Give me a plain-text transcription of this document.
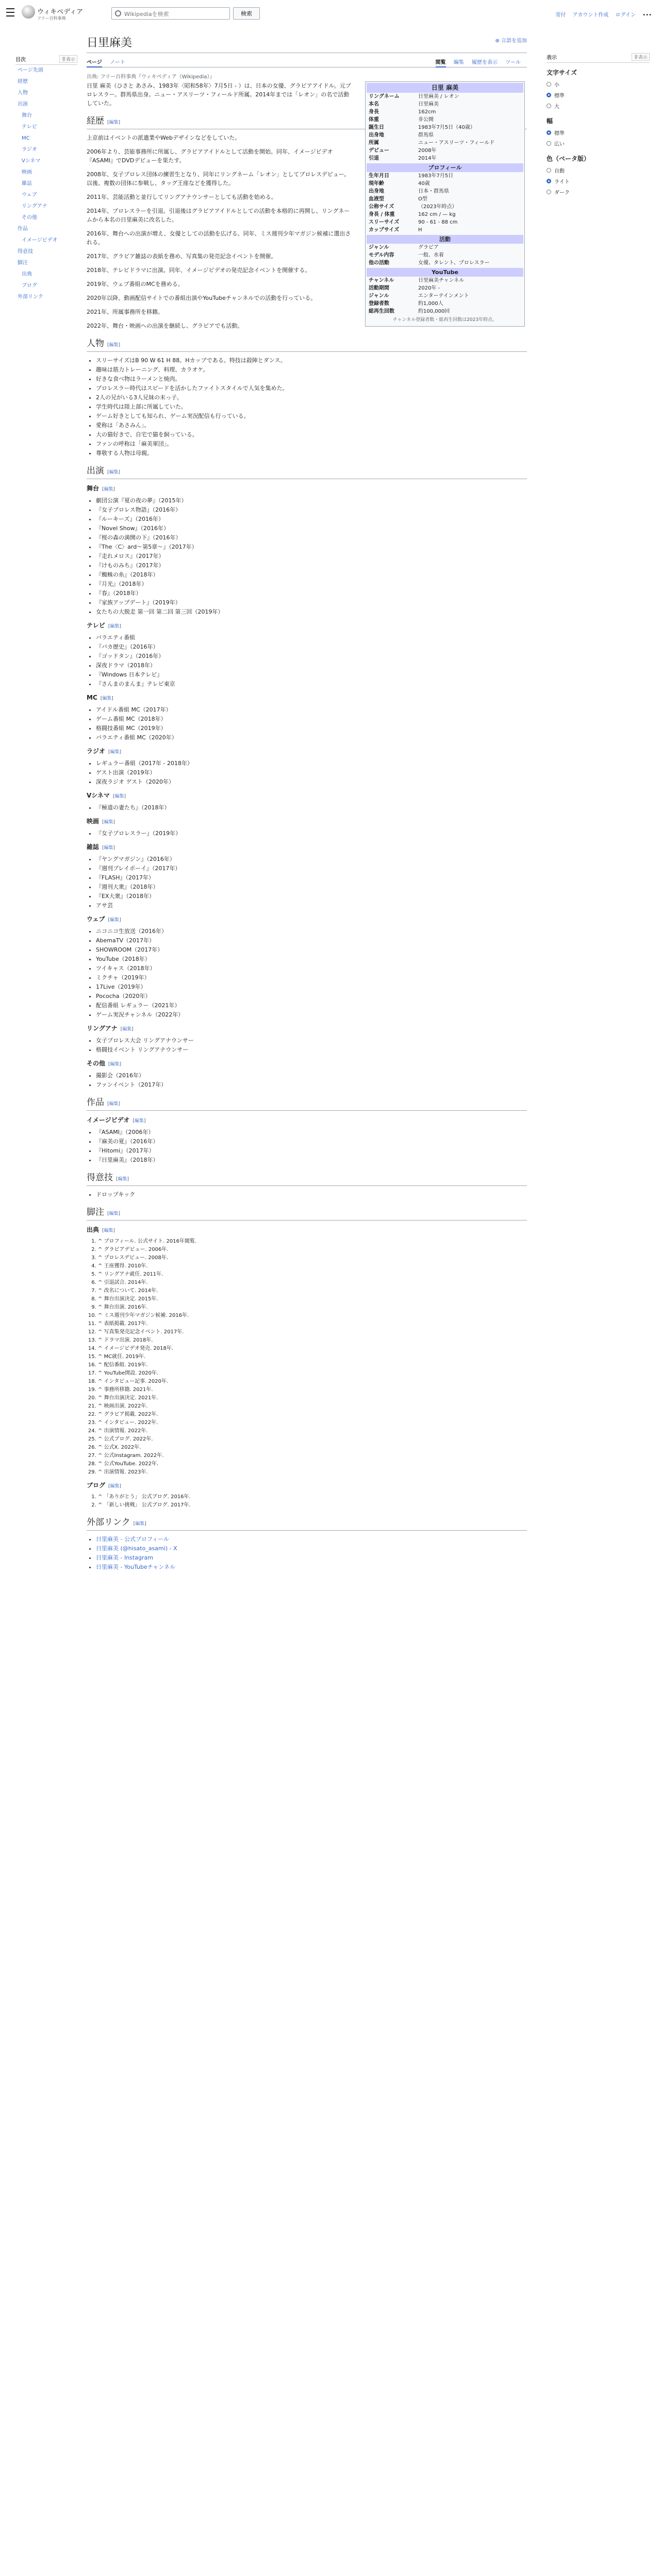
ウィキペディア
フリー百科事典
Wikipediaを検索
検索	寄付 アカウント作成 ログイン •••
目次	非表示
ページ先頭
経歴
人物
出演
舞台
テレビ
MC
ラジオ
Vシネマ
映画
雑誌
ウェブ
リングアナ
その他
作品
イメージビデオ
得意技
脚注
出典
ブログ
外部リンク
日里麻美	⊕ 言語を追加
ページ ノート	閲覧 編集 履歴を表示 ツール
出典: フリー百科事典『ウィキペディア（Wikipedia）』
日里 麻美（ひさと あさみ、1983年〈昭和58年〉7月5日 - ）は、日本の女優、グラビアアイドル。元プロレスラー。群馬県出身。ニュー・アスリーツ・フィールド所属。2014年までは「レオン」の名で活動していた。
経歴 [編集]
上京前はイベントの派遣業やWebデザインなどをしていた。
2006年より、芸能事務所に所属し、グラビアアイドルとして活動を開始。同年、イメージビデオ『ASAMI』でDVDデビューを果たす。
2008年、女子プロレス団体の練習生となり、同年にリングネーム「レオン」としてプロレスデビュー。以後、複数の団体に参戦し、タッグ王座などを獲得した。
2011年、芸能活動と並行してリングアナウンサーとしても活動を始める。
2014年、プロレスラーを引退。引退後はグラビアアイドルとしての活動を本格的に再開し、リングネームから本名の日里麻美に改名した。
2016年、舞台への出演が増え、女優としての活動を広げる。同年、ミス週刊少年マガジン候補に選出される。
2017年、グラビア雑誌の表紙を務め、写真集の発売記念イベントを開催。
2018年、テレビドラマに出演。同年、イメージビデオの発売記念イベントを開催する。
2019年、ウェブ番組のMCを務める。
2020年以降、動画配信サイトでの番組出演やYouTubeチャンネルでの活動を行っている。
2021年、所属事務所を移籍。
2022年、舞台・映画への出演を継続し、グラビアでも活動。
人物 [編集]
• スリーサイズはB 90 W 61 H 88。Hカップである。特技は殺陣とダンス。
• 趣味は筋力トレーニング、料理、カラオケ。
• 好きな食べ物はラーメンと焼肉。
• プロレスラー時代はスピードを活かしたファイトスタイルで人気を集めた。
• 2人の兄がいる3人兄妹の末っ子。
• 学生時代は陸上部に所属していた。
• ゲーム好きとしても知られ、ゲーム実況配信も行っている。
• 愛称は「あさみん」。
• 大の猫好きで、自宅で猫を飼っている。
• ファンの呼称は「麻美軍団」。
• 尊敬する人物は母親。
出演 [編集]
舞台 [編集]
• 劇団公演『夏の夜の夢』（2015年）
• 『女子プロレス物語』（2016年）
• 『ルーキーズ』（2016年）
• 『Novel Show』（2016年）
• 『桜の森の満開の下』（2016年）
• 『The〈C〉ard〜第5章〜』（2017年）
• 『走れメロス』（2017年）
• 『けものみち』（2017年）
• 『蜘蛛の糸』（2018年）
• 『月光』（2018年）
• 『春』（2018年）
• 『家族アップデート』（2019年）
• 女たちの大脱走 第一回 第二回 第三回（2019年）
テレビ [編集]
• バラエティ番組
• 『バカ歴史』（2016年）
• 『ゴッドタン』（2016年）
• 深夜ドラマ（2018年）
• 『Windows 日本テレビ』
• 『さんまのまんま』テレビ東京
MC [編集]
• アイドル番組 MC（2017年）
• ゲーム番組 MC（2018年）
• 格闘技番組 MC（2019年）
• バラエティ番組 MC（2020年）
ラジオ [編集]
• レギュラー番組（2017年 - 2018年）
• ゲスト出演（2019年）
• 深夜ラジオ ゲスト（2020年）
Vシネマ [編集]
• 『極道の妻たち』（2018年）
映画 [編集]
• 『女子プロレスラー』（2019年）
雑誌 [編集]
• 『ヤングマガジン』（2016年）
• 『週刊プレイボーイ』（2017年）
• 『FLASH』（2017年）
• 『週刊大衆』（2018年）
• 『EX大衆』（2018年）
• アサ芸
ウェブ [編集]
• ニコニコ生放送（2016年）
• AbemaTV（2017年）
• SHOWROOM（2017年）
• YouTube（2018年）
• ツイキャス（2018年）
• ミクチャ（2019年）
• 17Live（2019年）
• Pococha（2020年）
• 配信番組 レギュラー（2021年）
• ゲーム実況チャンネル（2022年）
リングアナ [編集]
• 女子プロレス大会 リングアナウンサー
• 格闘技イベント リングアナウンサー
その他 [編集]
• 撮影会（2016年）
• ファンイベント（2017年）
作品 [編集]
イメージビデオ [編集]
• 『ASAMI』（2006年）
• 『麻美の夏』（2016年）
• 『Hitomi』（2017年）
• 『日里麻美』（2018年）
得意技 [編集]
• ドロップキック
脚注 [編集]
出典 [編集]
1. ^ プロフィール. 公式サイト. 2016年閲覧.
2. ^ グラビアデビュー. 2006年.
3. ^ プロレスデビュー. 2008年.
4. ^ 王座獲得. 2010年.
5. ^ リングアナ就任. 2011年.
6. ^ 引退試合. 2014年.
7. ^ 改名について. 2014年.
8. ^ 舞台出演決定. 2015年.
9. ^ 舞台出演. 2016年.
10. ^ ミス週刊少年マガジン候補. 2016年.
11. ^ 表紙掲載. 2017年.
12. ^ 写真集発売記念イベント. 2017年.
13. ^ ドラマ出演. 2018年.
14. ^ イメージビデオ発売. 2018年.
15. ^ MC就任. 2019年.
16. ^ 配信番組. 2019年.
17. ^ YouTube開設. 2020年.
18. ^ インタビュー記事. 2020年.
19. ^ 事務所移籍. 2021年.
20. ^ 舞台出演決定. 2021年.
21. ^ 映画出演. 2022年.
22. ^ グラビア掲載. 2022年.
23. ^ インタビュー. 2022年.
24. ^ 出演情報. 2022年.
25. ^ 公式ブログ. 2022年.
26. ^ 公式X. 2022年.
27. ^ 公式Instagram. 2022年.
28. ^ 公式YouTube. 2022年.
29. ^ 出演情報. 2023年.
ブログ [編集]
1. ^ 「ありがとう」 公式ブログ. 2016年.
2. ^ 「新しい挑戦」 公式ブログ. 2017年.
外部リンク [編集]
• 日里麻美 - 公式プロフィール
• 日里麻美 (@hisato_asami) - X
• 日里麻美 - Instagram
• 日里麻美 - YouTubeチャンネル
日里 麻美
リングネーム	日里麻美 / レオン
本名	日里麻美
身長	162cm
体重	非公開
誕生日	1983年7月5日（40歳）
出身地	群馬県
所属	ニュー・アスリーツ・フィールド
デビュー	2008年
引退	2014年
プロフィール
生年月日	1983年7月5日
現年齢	40歳
出身地	日本・群馬県
血液型	O型
公称サイズ	（2023年時点）
身長 / 体重	162 cm / — kg
スリーサイズ	90 - 61 - 88 cm
カップサイズ	H
活動
ジャンル	グラビア
モデル内容	一般、水着
他の活動	女優、タレント、プロレスラー
YouTube
チャンネル	日里麻美チャンネル
活動期間	2020年 -
ジャンル	エンターテインメント
登録者数	約1,000人
総再生回数	約100,000回
チャンネル登録者数・総再生回数は2023年時点。
表示	非表示
文字サイズ
小
標準
大
幅
標準
広い
色（ベータ版）
自動
ライト
ダーク
